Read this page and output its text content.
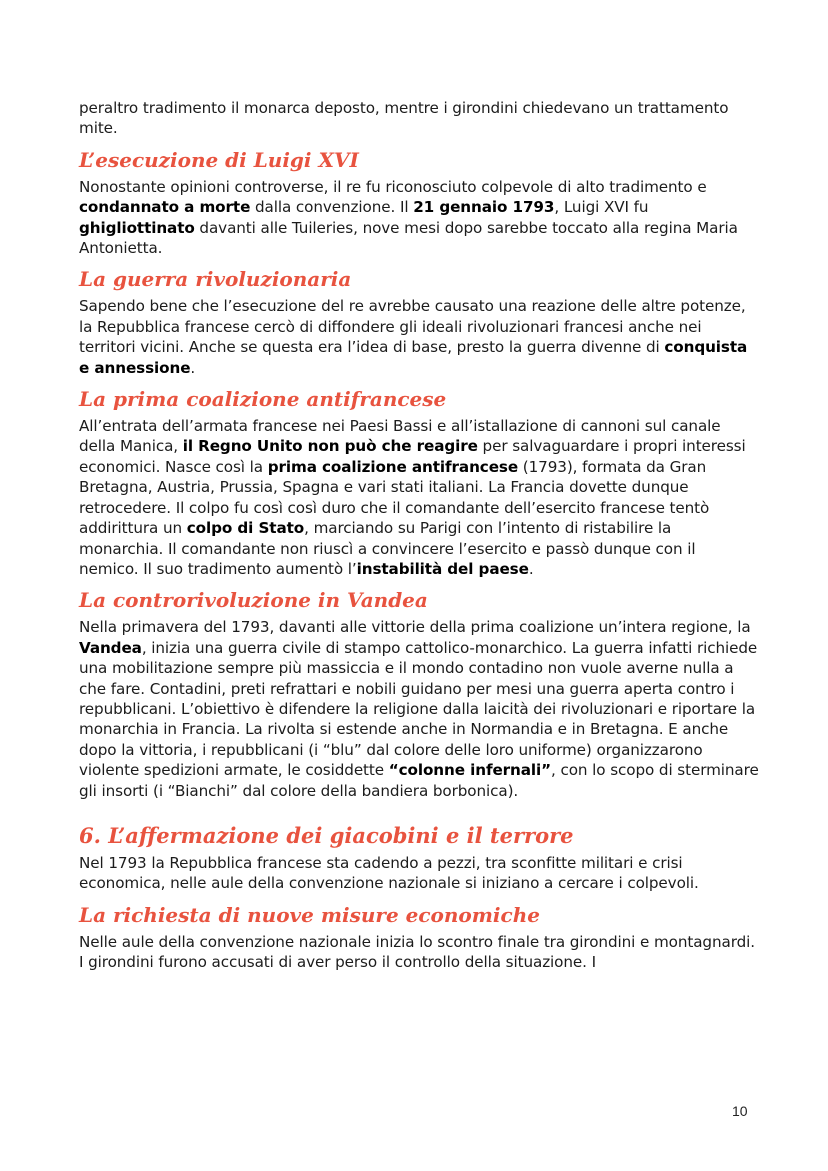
peraltro tradimento il monarca deposto, mentre i girondini chiedevano un trattamento mite.

L’esecuzione di Luigi XVI

Nonostante opinioni controverse, il re fu riconosciuto colpevole di alto tradimento e condannato a morte dalla convenzione. Il 21 gennaio 1793, Luigi XVI fu ghigliottinato davanti alle Tuileries, nove mesi dopo sarebbe toccato alla regina Maria Antonietta.

La guerra rivoluzionaria

Sapendo bene che l’esecuzione del re avrebbe causato una reazione delle altre potenze, la Repubblica francese cercò di diffondere gli ideali rivoluzionari francesi anche nei territori vicini. Anche se questa era l’idea di base, presto la guerra divenne di conquista e annessione.

La prima coalizione antifrancese

All’entrata dell’armata francese nei Paesi Bassi e all’istallazione di cannoni sul canale della Manica, il Regno Unito non può che reagire per salvaguardare i propri interessi economici. Nasce così la prima coalizione antifrancese (1793), formata da Gran Bretagna, Austria, Prussia, Spagna e vari stati italiani. La Francia dovette dunque retrocedere. Il colpo fu così così duro che il comandante dell’esercito francese tentò addirittura un colpo di Stato, marciando su Parigi con l’intento di ristabilire la monarchia. Il comandante non riuscì a convincere l’esercito e passò dunque con il nemico. Il suo tradimento aumentò l’instabilità del paese.

La controrivoluzione in Vandea

Nella primavera del 1793, davanti alle vittorie della prima coalizione un’intera regione, la Vandea, inizia una guerra civile di stampo cattolico-monarchico. La guerra infatti richiede una mobilitazione sempre più massiccia e il mondo contadino non vuole averne nulla a che fare. Contadini, preti refrattari e nobili guidano per mesi una guerra aperta contro i repubblicani. L’obiettivo è difendere la religione dalla laicità dei rivoluzionari e riportare la monarchia in Francia. La rivolta si estende anche in Normandia e in Bretagna. E anche dopo la vittoria, i repubblicani (i “blu” dal colore delle loro uniforme) organizzarono violente spedizioni armate, le cosiddette “colonne infernali”, con lo scopo di sterminare gli insorti (i “Bianchi” dal colore della bandiera borbonica).

6. L’affermazione dei giacobini e il terrore

Nel 1793 la Repubblica francese sta cadendo a pezzi, tra sconfitte militari e crisi economica, nelle aule della convenzione nazionale si iniziano a cercare i colpevoli.

La richiesta di nuove misure economiche

Nelle aule della convenzione nazionale inizia lo scontro finale tra girondini e montagnardi. I girondini furono accusati di aver perso il controllo della situazione. I

10
